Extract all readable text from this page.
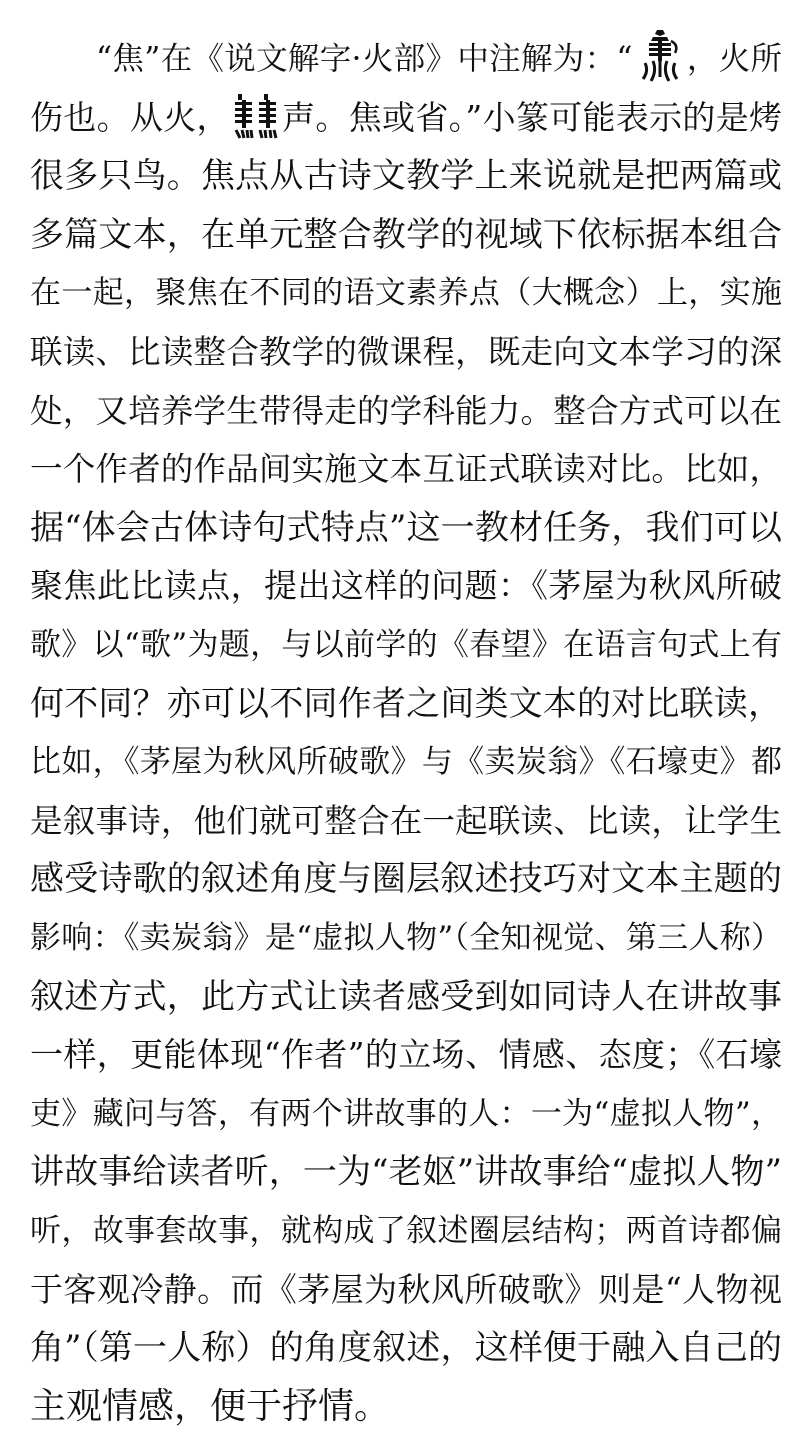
“焦”在《说文解字·火部》中注解为：“ ，火所
伤也。从火， 声。焦或省。”小篆可能表示的是烤
很多只鸟。焦点从古诗文教学上来说就是把两篇或
多篇文本，在单元整合教学的视域下依标据本组合
在一起，聚焦在不同的语文素养点（大概念）上，实施
联读、比读整合教学的微课程，既走向文本学习的深
处，又培养学生带得走的学科能力。整合方式可以在
一个作者的作品间实施文本互证式联读对比。比如，
据“体会古体诗句式特点”这一教材任务，我们可以
聚焦此比读点，提出这样的问题：《茅屋为秋风所破
歌》以“歌”为题，与以前学的《春望》在语言句式上有
何不同？亦可以不同作者之间类文本的对比联读，
比如，《茅屋为秋风所破歌》与《卖炭翁》《石壕吏》都
是叙事诗，他们就可整合在一起联读、比读，让学生
感受诗歌的叙述角度与圈层叙述技巧对文本主题的
影响：《卖炭翁》是“虚拟人物”（全知视觉、第三人称）
叙述方式，此方式让读者感受到如同诗人在讲故事
一样，更能体现“作者”的立场、情感、态度；《石壕
吏》藏问与答，有两个讲故事的人：一为“虚拟人物”，
讲故事给读者听，一为“老妪”讲故事给“虚拟人物”
听，故事套故事，就构成了叙述圈层结构；两首诗都偏
于客观冷静。而《茅屋为秋风所破歌》则是“人物视
角”（第一人称）的角度叙述，这样便于融入自己的
主观情感，便于抒情。
